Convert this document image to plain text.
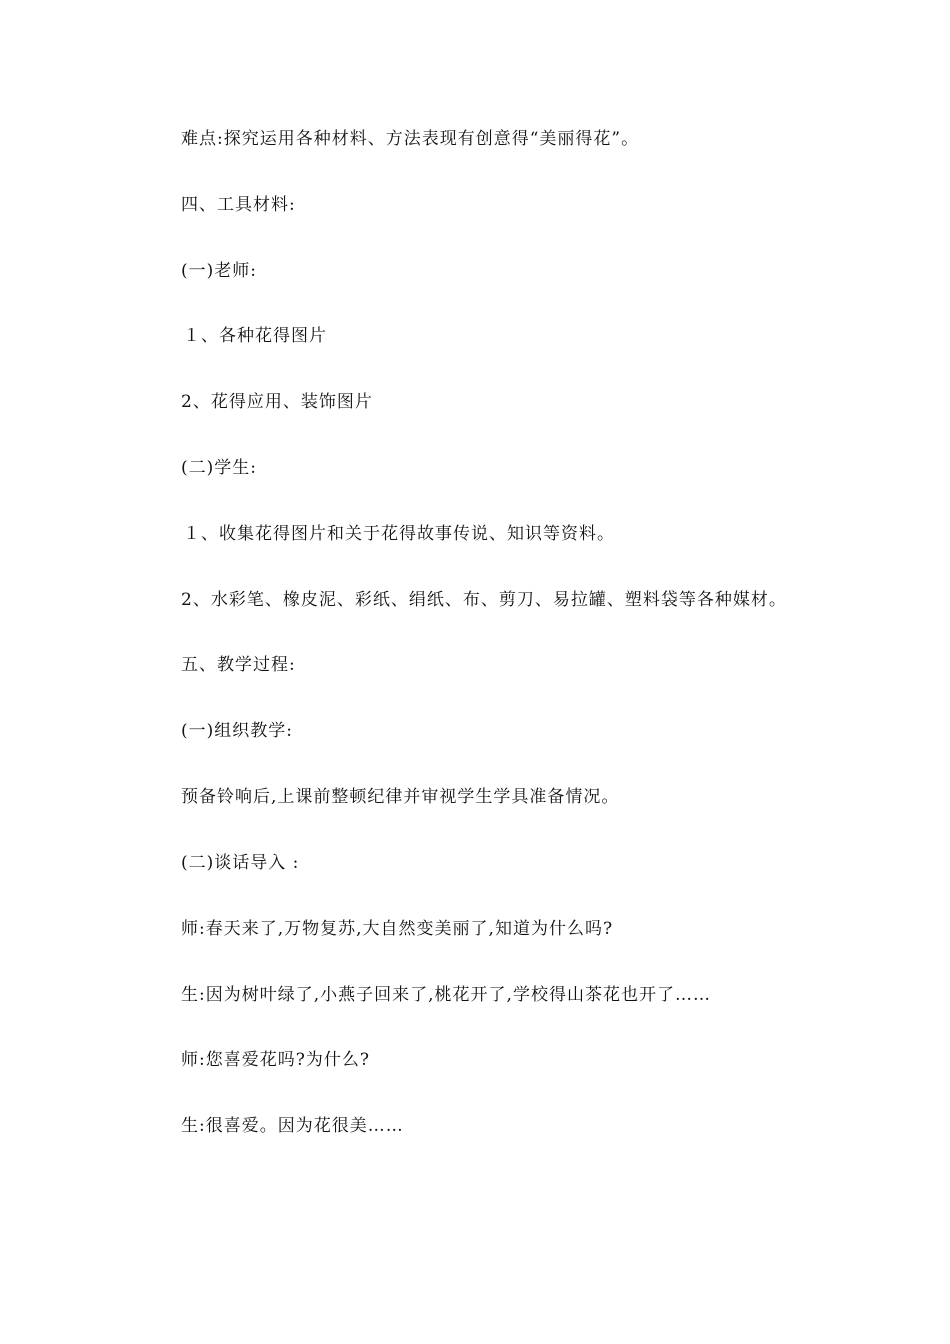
难点:探究运用各种材料、方法表现有创意得“美丽得花”。
四、工具材料:
(一)老师:
１、各种花得图片
2、花得应用、装饰图片
(二)学生:
１、收集花得图片和关于花得故事传说、知识等资料。
2、水彩笔、橡皮泥、彩纸、绢纸、布、剪刀、易拉罐、塑料袋等各种媒材。
五、教学过程:
(一)组织教学:
预备铃响后,上课前整顿纪律并审视学生学具准备情况。
(二)谈话导入 :
师:春天来了,万物复苏,大自然变美丽了,知道为什么吗?
生:因为树叶绿了,小燕子回来了,桃花开了,学校得山茶花也开了……
师:您喜爱花吗?为什么?
生:很喜爱。因为花很美……
